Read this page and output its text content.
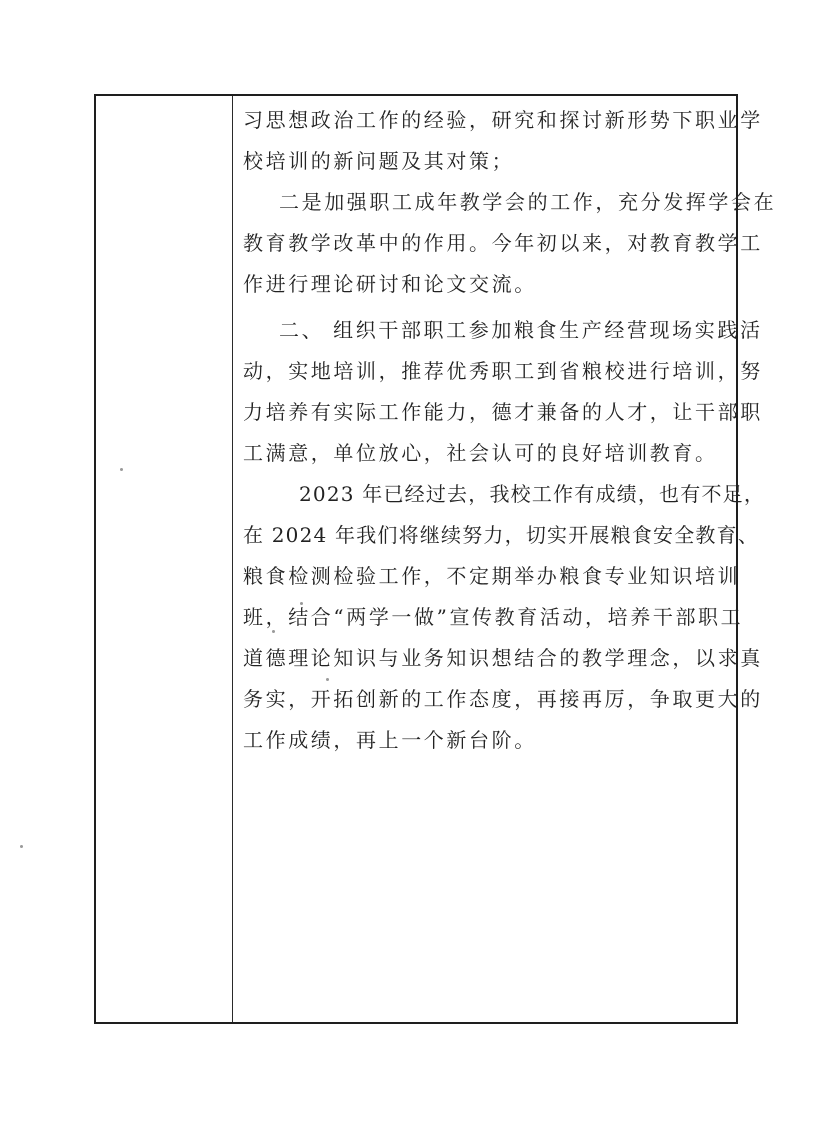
习思想政治工作的经验，研究和探讨新形势下职业学
校培训的新问题及其对策；
二是加强职工成年教学会的工作，充分发挥学会在
教育教学改革中的作用。今年初以来，对教育教学工
作进行理论研讨和论文交流。
二、 组织干部职工参加粮食生产经营现场实践活
动，实地培训，推荐优秀职工到省粮校进行培训，努
力培养有实际工作能力，德才兼备的人才，让干部职
工满意，单位放心，社会认可的良好培训教育。
2023 年已经过去，我校工作有成绩，也有不足，
在 2024 年我们将继续努力，切实开展粮食安全教育、
粮食检测检验工作，不定期举办粮食专业知识培训
班，结合“两学一做”宣传教育活动，培养干部职工
道德理论知识与业务知识想结合的教学理念，以求真
务实，开拓创新的工作态度，再接再厉，争取更大的
工作成绩，再上一个新台阶。
